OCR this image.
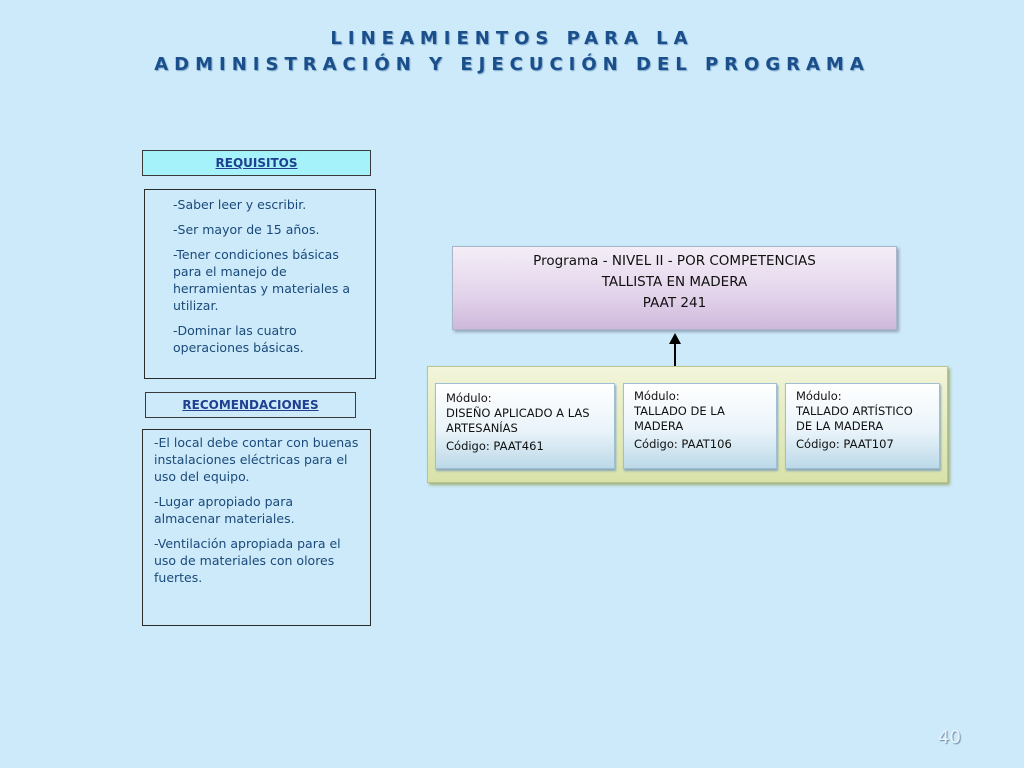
LINEAMIENTOS PARA LA
ADMINISTRACIÓN Y EJECUCIÓN DEL PROGRAMA
REQUISITOS

-Saber leer y escribir.

-Ser mayor de 15 años.

-Tener condiciones básicas para el manejo de herramientas y materiales a utilizar.

-Dominar las cuatro operaciones básicas.

RECOMENDACIONES

-El local debe contar con buenas instalaciones eléctricas para el uso del equipo.

-Lugar apropiado para almacenar materiales.

-Ventilación apropiada para el uso de materiales con olores fuertes.

Programa - NIVEL II - POR COMPETENCIAS
TALLISTA EN MADERA
PAAT 241
Módulo:
DISEÑO APLICADO A LAS ARTESANÍAS
Código: PAAT461
Módulo:
TALLADO DE LA MADERA
Código: PAAT106
Módulo:
TALLADO ARTÍSTICO DE LA MADERA
Código: PAAT107
40
